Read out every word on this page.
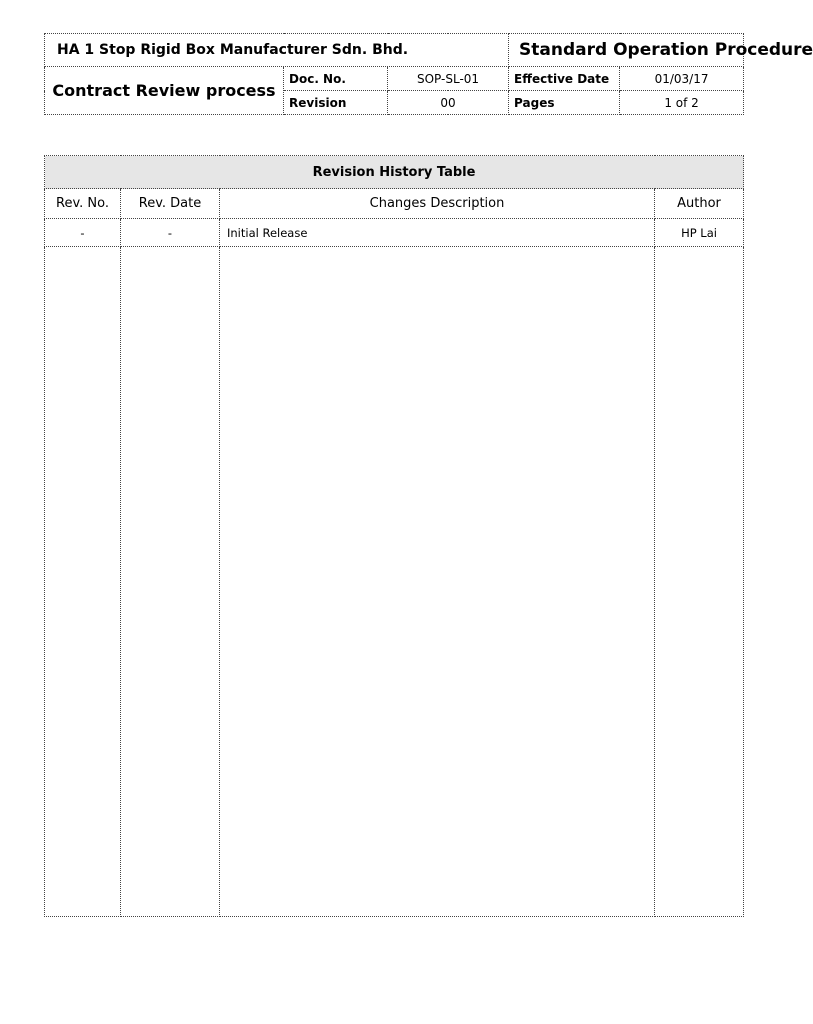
HA 1 Stop Rigid Box Manufacturer Sdn. Bhd.			Standard Operation Procedure	
Contract Review process	Doc. No.	SOP-SL-01	Effective Date	01/03/17
	Revision	00	Pages	1 of 2
Revision History Table			
Rev. No.	Rev. Date	Changes Description	Author
-	-	Initial Release	HP Lai
